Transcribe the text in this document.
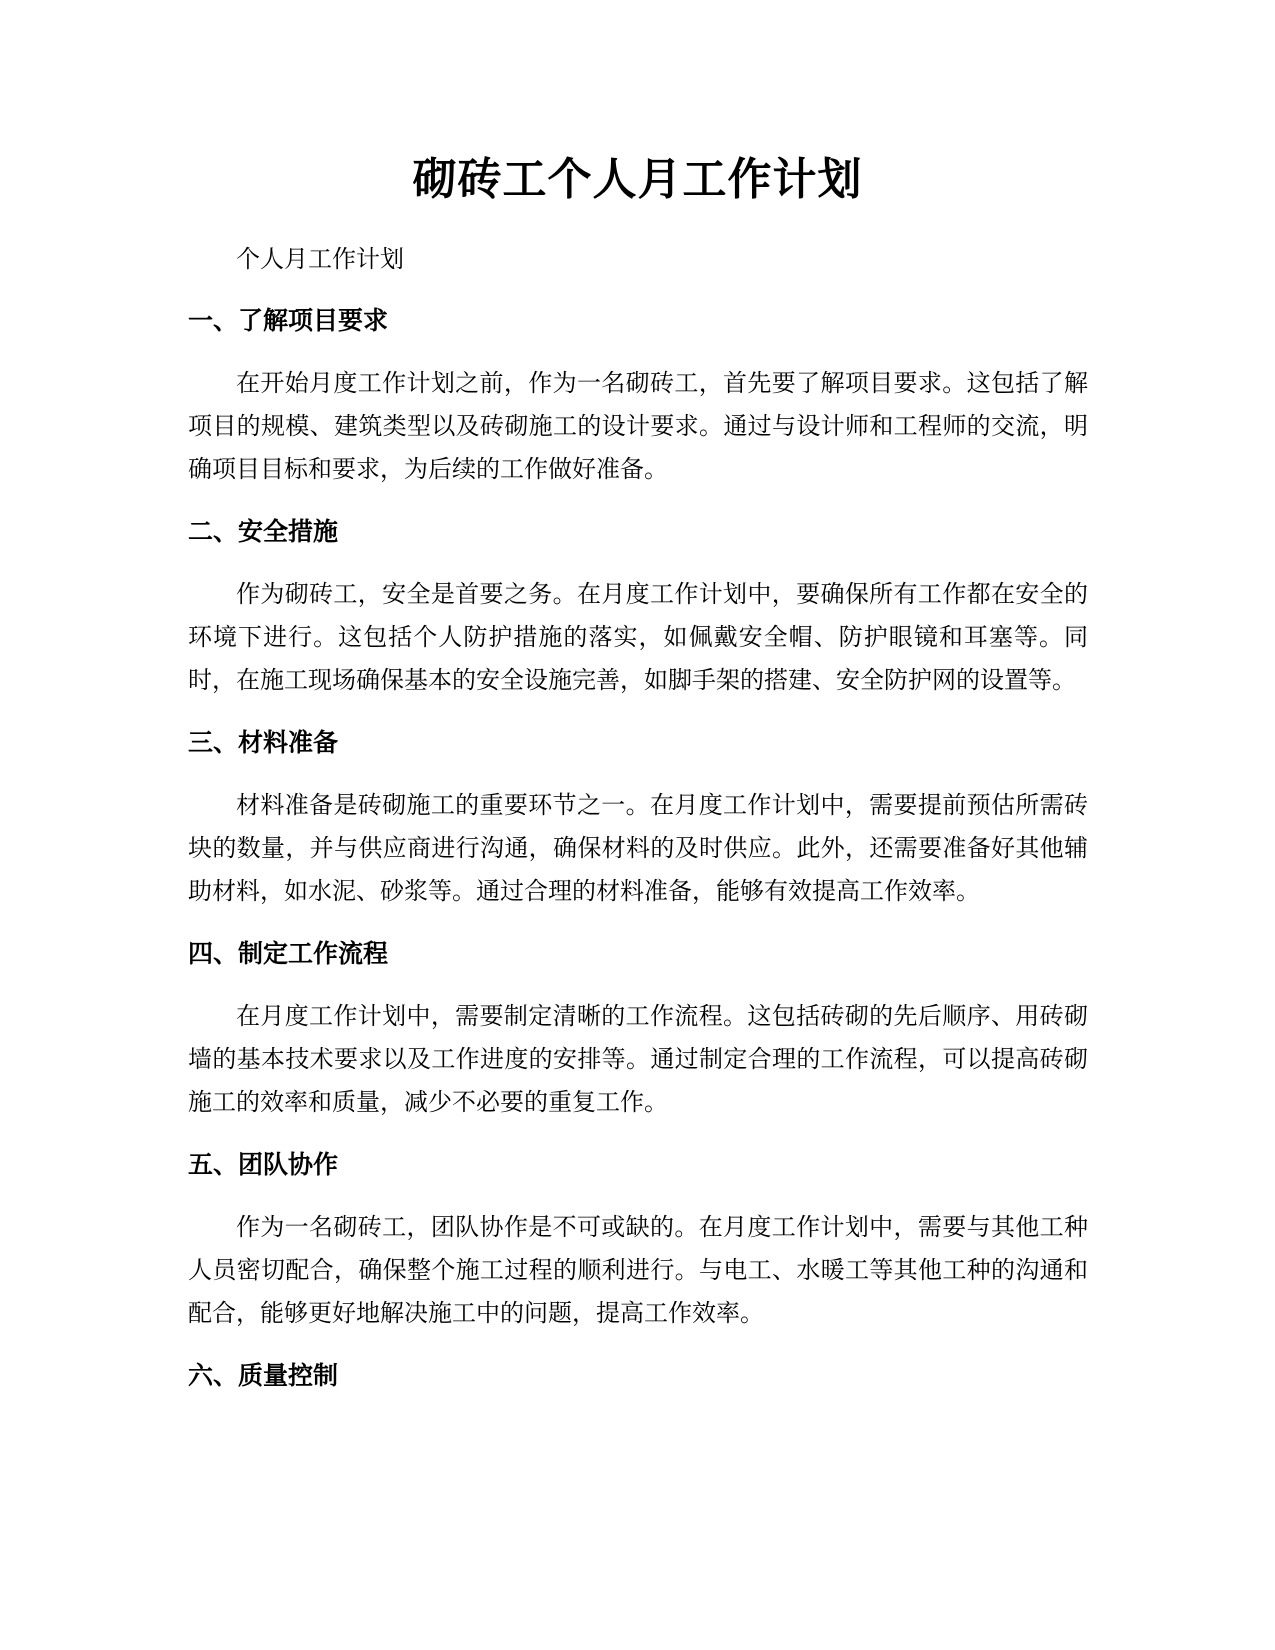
砌砖工个人月工作计划

个人月工作计划

一、了解项目要求

在开始月度工作计划之前，作为一名砌砖工，首先要了解项目要求。这包括了解项目的规模、建筑类型以及砖砌施工的设计要求。通过与设计师和工程师的交流，明确项目目标和要求，为后续的工作做好准备。

二、安全措施

作为砌砖工，安全是首要之务。在月度工作计划中，要确保所有工作都在安全的环境下进行。这包括个人防护措施的落实，如佩戴安全帽、防护眼镜和耳塞等。同时，在施工现场确保基本的安全设施完善，如脚手架的搭建、安全防护网的设置等。

三、材料准备

材料准备是砖砌施工的重要环节之一。在月度工作计划中，需要提前预估所需砖块的数量，并与供应商进行沟通，确保材料的及时供应。此外，还需要准备好其他辅助材料，如水泥、砂浆等。通过合理的材料准备，能够有效提高工作效率。

四、制定工作流程

在月度工作计划中，需要制定清晰的工作流程。这包括砖砌的先后顺序、用砖砌墙的基本技术要求以及工作进度的安排等。通过制定合理的工作流程，可以提高砖砌施工的效率和质量，减少不必要的重复工作。

五、团队协作

作为一名砌砖工，团队协作是不可或缺的。在月度工作计划中，需要与其他工种人员密切配合，确保整个施工过程的顺利进行。与电工、水暖工等其他工种的沟通和配合，能够更好地解决施工中的问题，提高工作效率。

六、质量控制
